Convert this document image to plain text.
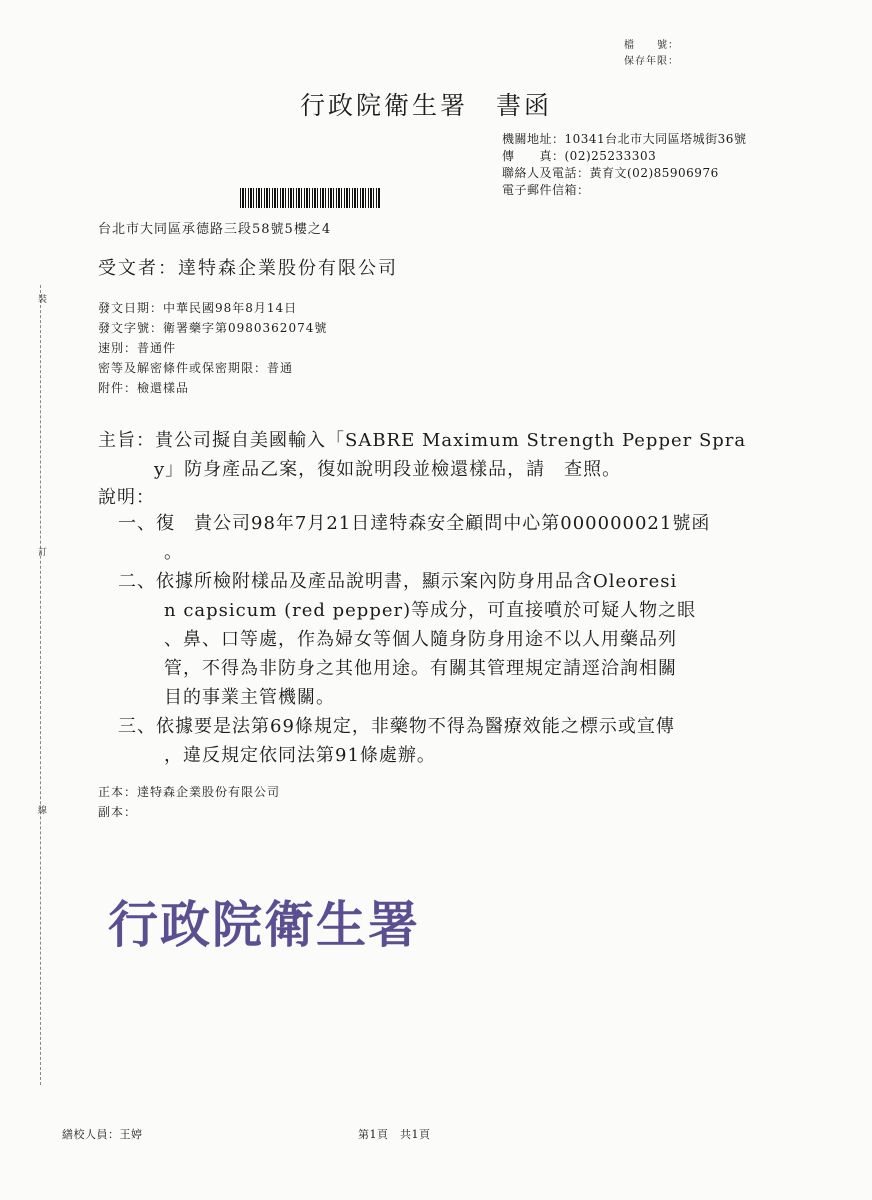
裝
訂
線
檔　　號：
保存年限：
行政院衛生署　書函
機關地址：10341台北市大同區塔城街36號
傳　　真：(02)25233303
聯絡人及電話：黃育文(02)85906976
電子郵件信箱：
台北市大同區承德路三段58號5樓之4
受文者：達特森企業股份有限公司
發文日期：中華民國98年8月14日
發文字號：衛署藥字第0980362074號
速別：普通件
密等及解密條件或保密期限：普通
附件：檢還樣品
主旨：貴公司擬自美國輸入「SABRE Maximum Strength Pepper Spra
y」防身產品乙案，復如說明段並檢還樣品，請　查照。
說明：
一、復　貴公司98年7月21日達特森安全顧問中心第000000021號函
。
二、依據所檢附樣品及產品說明書，顯示案內防身用品含Oleoresi
n capsicum (red pepper)等成分，可直接噴於可疑人物之眼
、鼻、口等處，作為婦女等個人隨身防身用途不以人用藥品列
管，不得為非防身之其他用途。有關其管理規定請逕洽詢相關
目的事業主管機關。
三、依據要是法第69條規定，非藥物不得為醫療效能之標示或宣傳
，違反規定依同法第91條處辦。
正本：達特森企業股份有限公司
副本：
行政院衛生署
繕校人員：王婷	第1頁　共1頁
